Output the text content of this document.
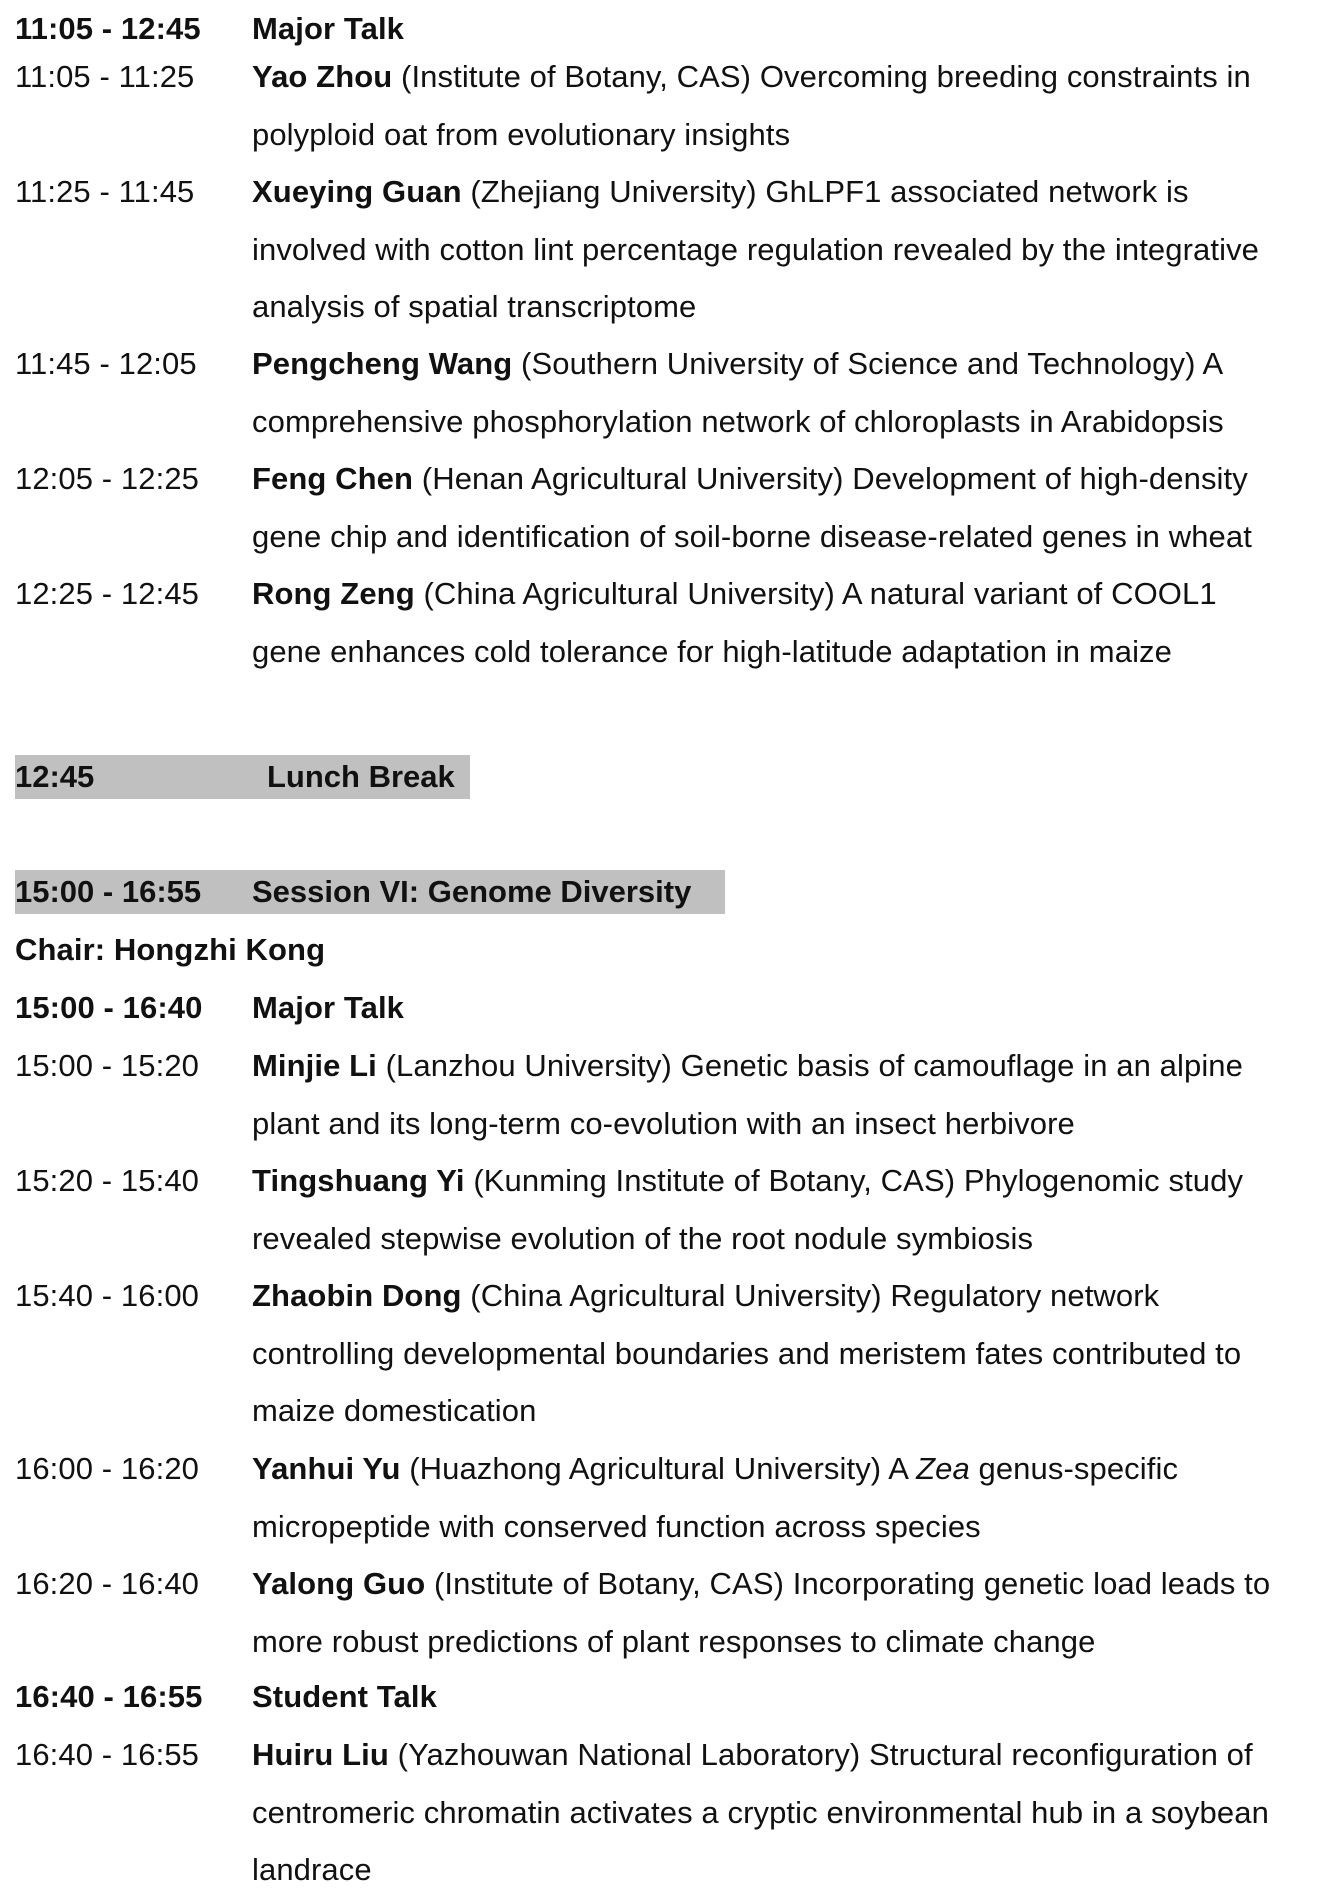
11:05 - 12:45 Major Talk
11:05 - 11:25 Yao Zhou (Institute of Botany, CAS) Overcoming breeding constraints in
polyploid oat from evolutionary insights
11:25 - 11:45 Xueying Guan (Zhejiang University) GhLPF1 associated network is
involved with cotton lint percentage regulation revealed by the integrative
analysis of spatial transcriptome
11:45 - 12:05 Pengcheng Wang (Southern University of Science and Technology) A
comprehensive phosphorylation network of chloroplasts in Arabidopsis
12:05 - 12:25 Feng Chen (Henan Agricultural University) Development of high-density
gene chip and identification of soil-borne disease-related genes in wheat
12:25 - 12:45 Rong Zeng (China Agricultural University) A natural variant of COOL1
gene enhances cold tolerance for high-latitude adaptation in maize
12:45	Lunch Break
15:00 - 16:55 Session VI: Genome Diversity
Chair: Hongzhi Kong
15:00 - 16:40 Major Talk
15:00 - 15:20 Minjie Li (Lanzhou University) Genetic basis of camouflage in an alpine
plant and its long-term co-evolution with an insect herbivore
15:20 - 15:40 Tingshuang Yi (Kunming Institute of Botany, CAS) Phylogenomic study
revealed stepwise evolution of the root nodule symbiosis
15:40 - 16:00 Zhaobin Dong (China Agricultural University) Regulatory network
controlling developmental boundaries and meristem fates contributed to
maize domestication
16:00 - 16:20 Yanhui Yu (Huazhong Agricultural University) A Zea genus-specific
micropeptide with conserved function across species
16:20 - 16:40 Yalong Guo (Institute of Botany, CAS) Incorporating genetic load leads to
more robust predictions of plant responses to climate change
16:40 - 16:55 Student Talk
16:40 - 16:55 Huiru Liu (Yazhouwan National Laboratory) Structural reconfiguration of
centromeric chromatin activates a cryptic environmental hub in a soybean
landrace
